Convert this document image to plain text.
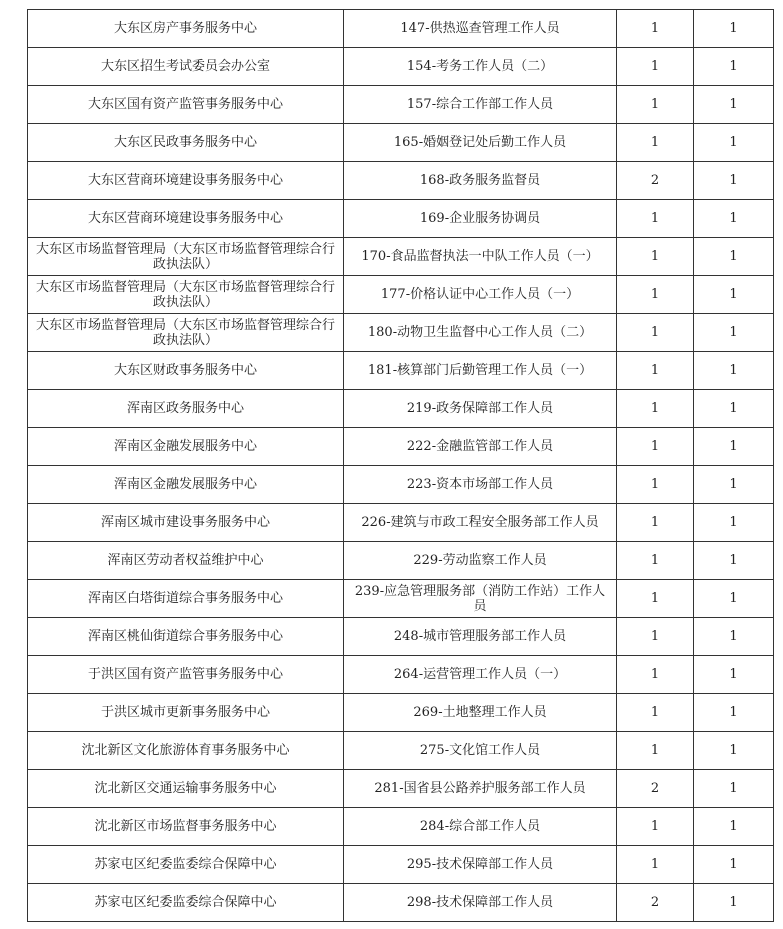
大东区房产事务服务中心	147-供热巡查管理工作人员	1	1
大东区招生考试委员会办公室	154-考务工作人员（二）	1	1
大东区国有资产监管事务服务中心	157-综合工作部工作人员	1	1
大东区民政事务服务中心	165-婚姻登记处后勤工作人员	1	1
大东区营商环境建设事务服务中心	168-政务服务监督员	2	1
大东区营商环境建设事务服务中心	169-企业服务协调员	1	1
大东区市场监督管理局（大东区市场监督管理综合行政执法队）	170-食品监督执法一中队工作人员（一）	1	1
大东区市场监督管理局（大东区市场监督管理综合行政执法队）	177-价格认证中心工作人员（一）	1	1
大东区市场监督管理局（大东区市场监督管理综合行政执法队）	180-动物卫生监督中心工作人员（二）	1	1
大东区财政事务服务中心	181-核算部门后勤管理工作人员（一）	1	1
浑南区政务服务中心	219-政务保障部工作人员	1	1
浑南区金融发展服务中心	222-金融监管部工作人员	1	1
浑南区金融发展服务中心	223-资本市场部工作人员	1	1
浑南区城市建设事务服务中心	226-建筑与市政工程安全服务部工作人员	1	1
浑南区劳动者权益维护中心	229-劳动监察工作人员	1	1
浑南区白塔街道综合事务服务中心	239-应急管理服务部（消防工作站）工作人员	1	1
浑南区桃仙街道综合事务服务中心	248-城市管理服务部工作人员	1	1
于洪区国有资产监管事务服务中心	264-运营管理工作人员（一）	1	1
于洪区城市更新事务服务中心	269-土地整理工作人员	1	1
沈北新区文化旅游体育事务服务中心	275-文化馆工作人员	1	1
沈北新区交通运输事务服务中心	281-国省县公路养护服务部工作人员	2	1
沈北新区市场监督事务服务中心	284-综合部工作人员	1	1
苏家屯区纪委监委综合保障中心	295-技术保障部工作人员	1	1
苏家屯区纪委监委综合保障中心	298-技术保障部工作人员	2	1
